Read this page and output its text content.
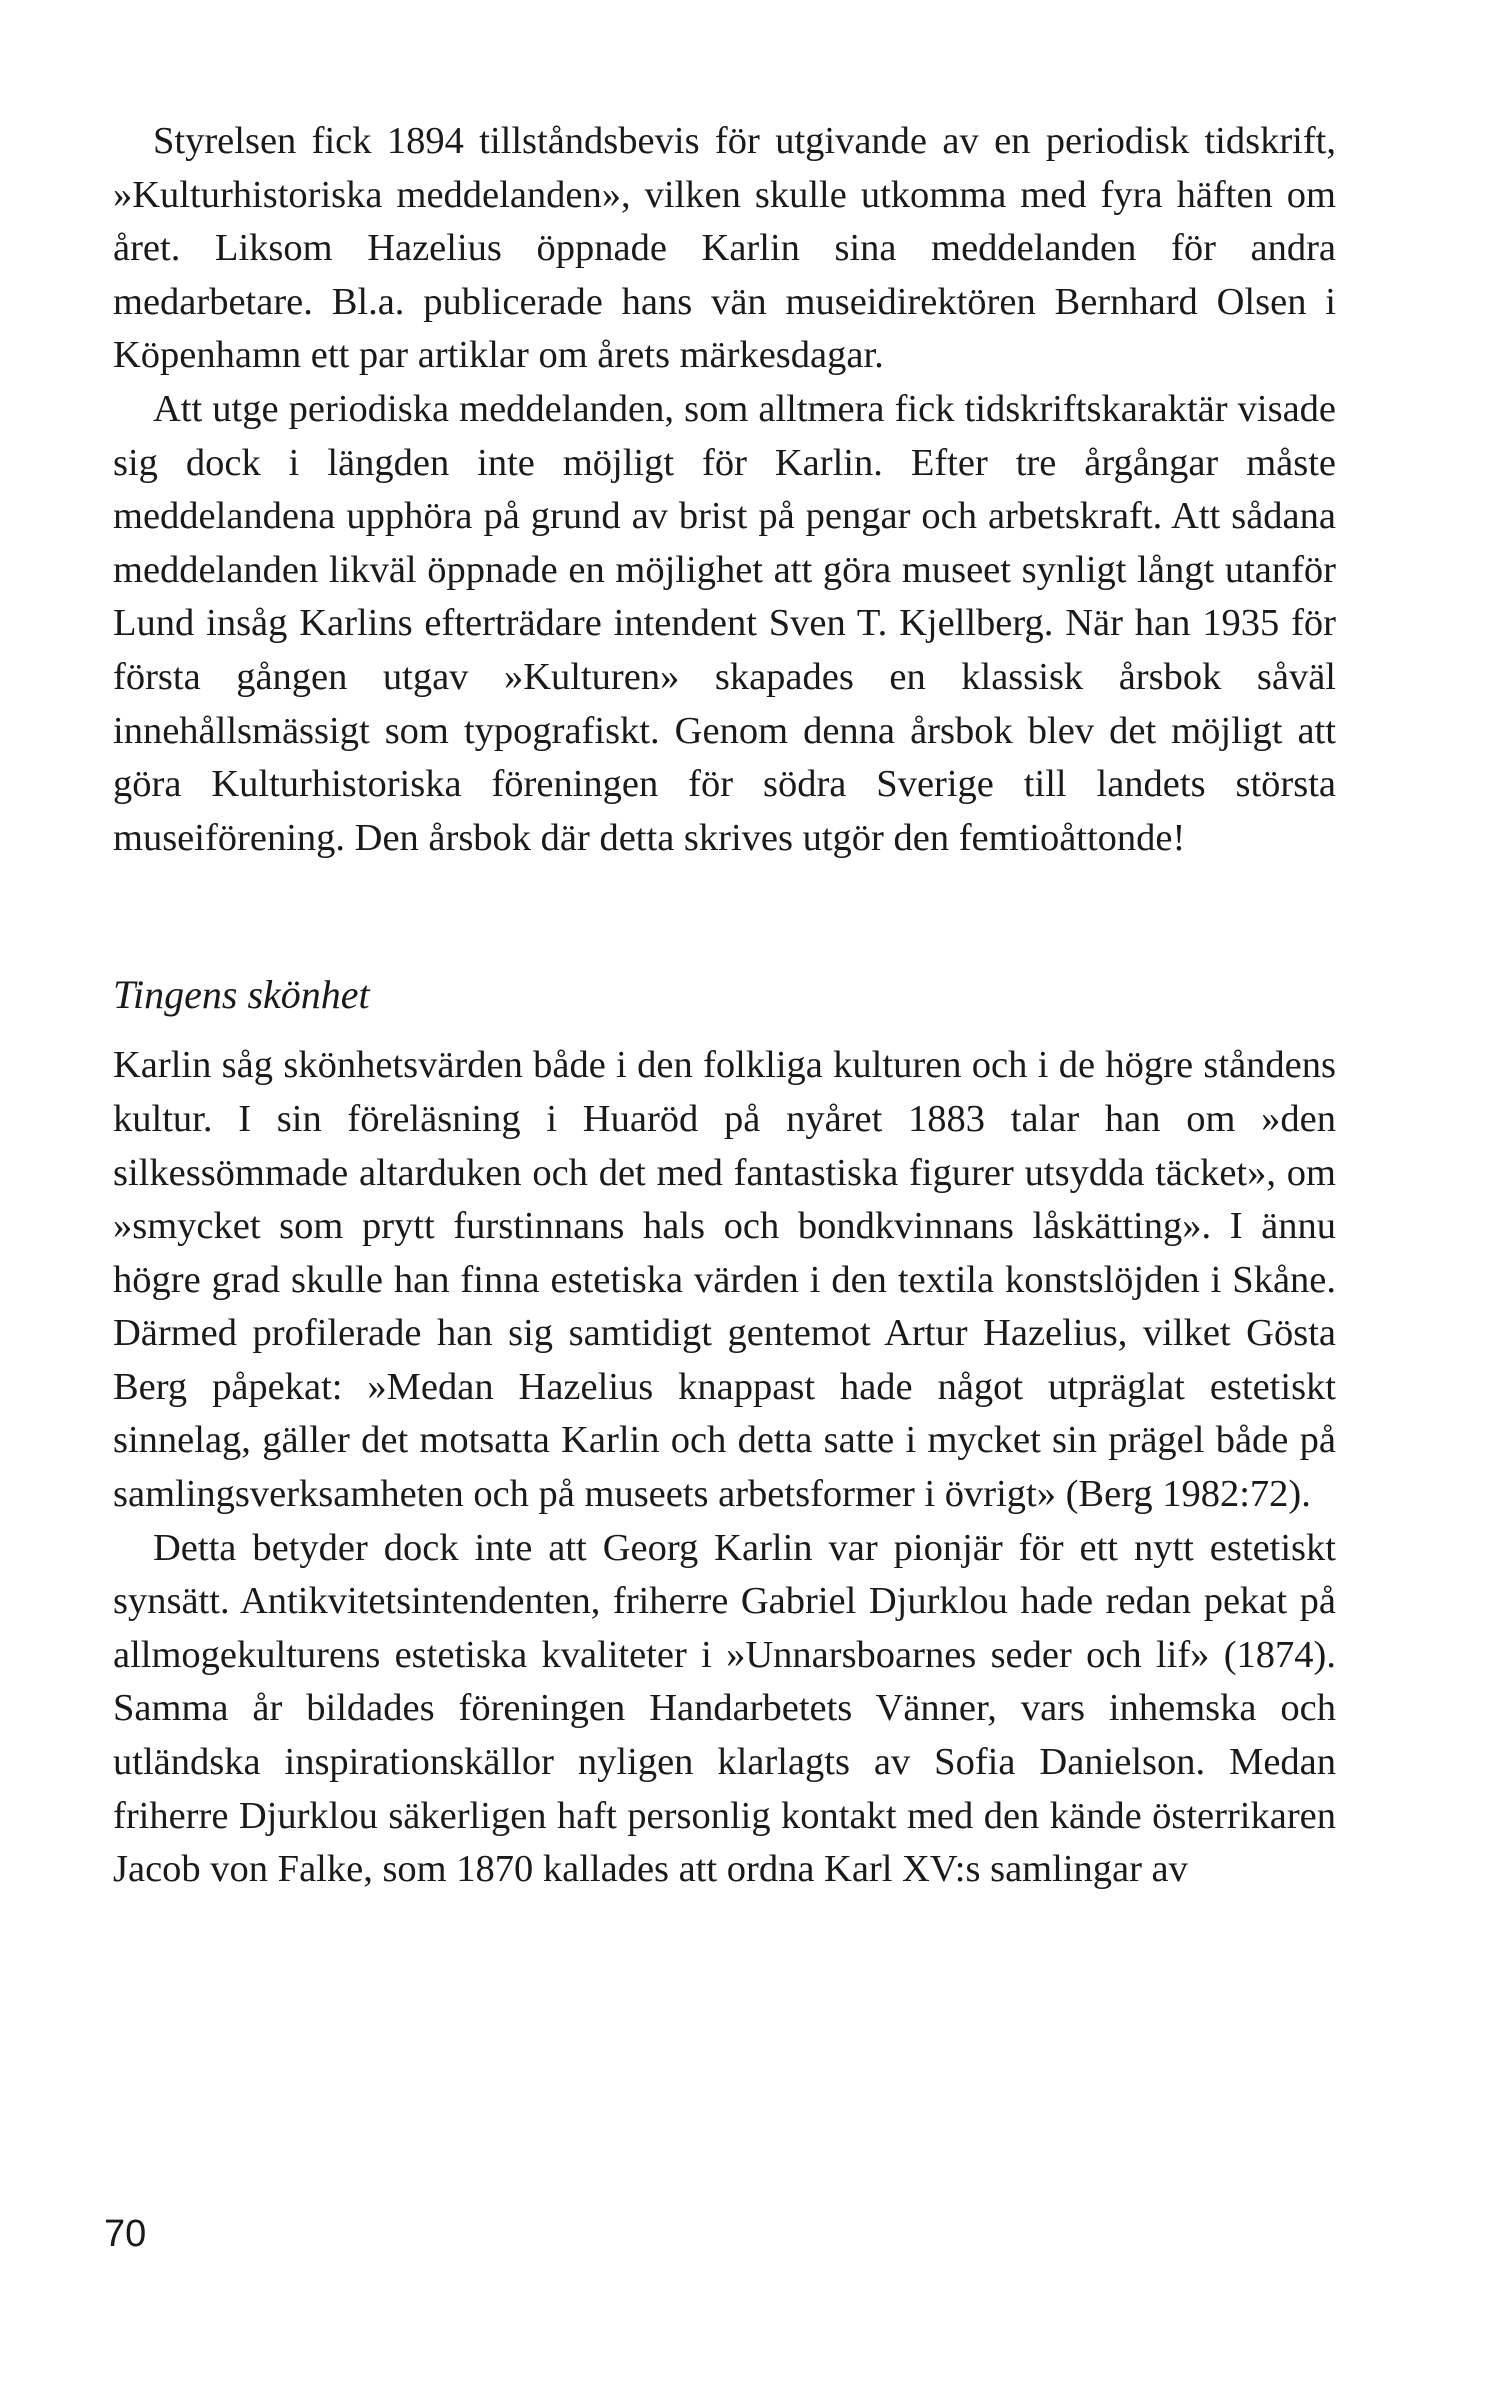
Styrelsen fick 1894 tillståndsbevis för utgivande av en periodisk tidskrift, »Kulturhistoriska meddelanden», vilken skulle utkomma med fyra häften om året. Liksom Hazelius öppnade Karlin sina meddelanden för andra medarbetare. Bl.a. publicerade hans vän museidirektören Bernhard Olsen i Köpenhamn ett par artiklar om årets märkesdagar.

Att utge periodiska meddelanden, som alltmera fick tidskriftskaraktär visade sig dock i längden inte möjligt för Karlin. Efter tre årgångar måste meddelandena upphöra på grund av brist på pengar och arbetskraft. Att sådana meddelanden likväl öppnade en möjlighet att göra museet synligt långt utanför Lund insåg Karlins efterträdare intendent Sven T. Kjellberg. När han 1935 för första gången utgav »Kulturen» skapades en klassisk årsbok såväl innehållsmässigt som typografiskt. Genom denna årsbok blev det möjligt att göra Kulturhistoriska föreningen för södra Sverige till landets största museiförening. Den årsbok där detta skrives utgör den femtioåttonde!

Tingens skönhet

Karlin såg skönhetsvärden både i den folkliga kulturen och i de högre ståndens kultur. I sin föreläsning i Huaröd på nyåret 1883 talar han om »den silkessömmade altarduken och det med fantastiska figurer utsydda täcket», om »smycket som prytt furstinnans hals och bondkvinnans låskätting». I ännu högre grad skulle han finna estetiska värden i den textila konstslöjden i Skåne. Därmed profilerade han sig samtidigt gentemot Artur Hazelius, vilket Gösta Berg påpekat: »Medan Hazelius knappast hade något utpräglat estetiskt sinnelag, gäller det motsatta Karlin och detta satte i mycket sin prägel både på samlingsverksamheten och på museets arbetsformer i övrigt» (Berg 1982:72).

Detta betyder dock inte att Georg Karlin var pionjär för ett nytt estetiskt synsätt. Antikvitetsintendenten, friherre Gabriel Djurklou hade redan pekat på allmogekulturens estetiska kvaliteter i »Unnarsboarnes seder och lif» (1874). Samma år bildades föreningen Handarbetets Vänner, vars inhemska och utländska inspirationskällor nyligen klarlagts av Sofia Danielson. Medan friherre Djurklou säkerligen haft personlig kontakt med den kände österrikaren Jacob von Falke, som 1870 kallades att ordna Karl XV:s samlingar av

70
